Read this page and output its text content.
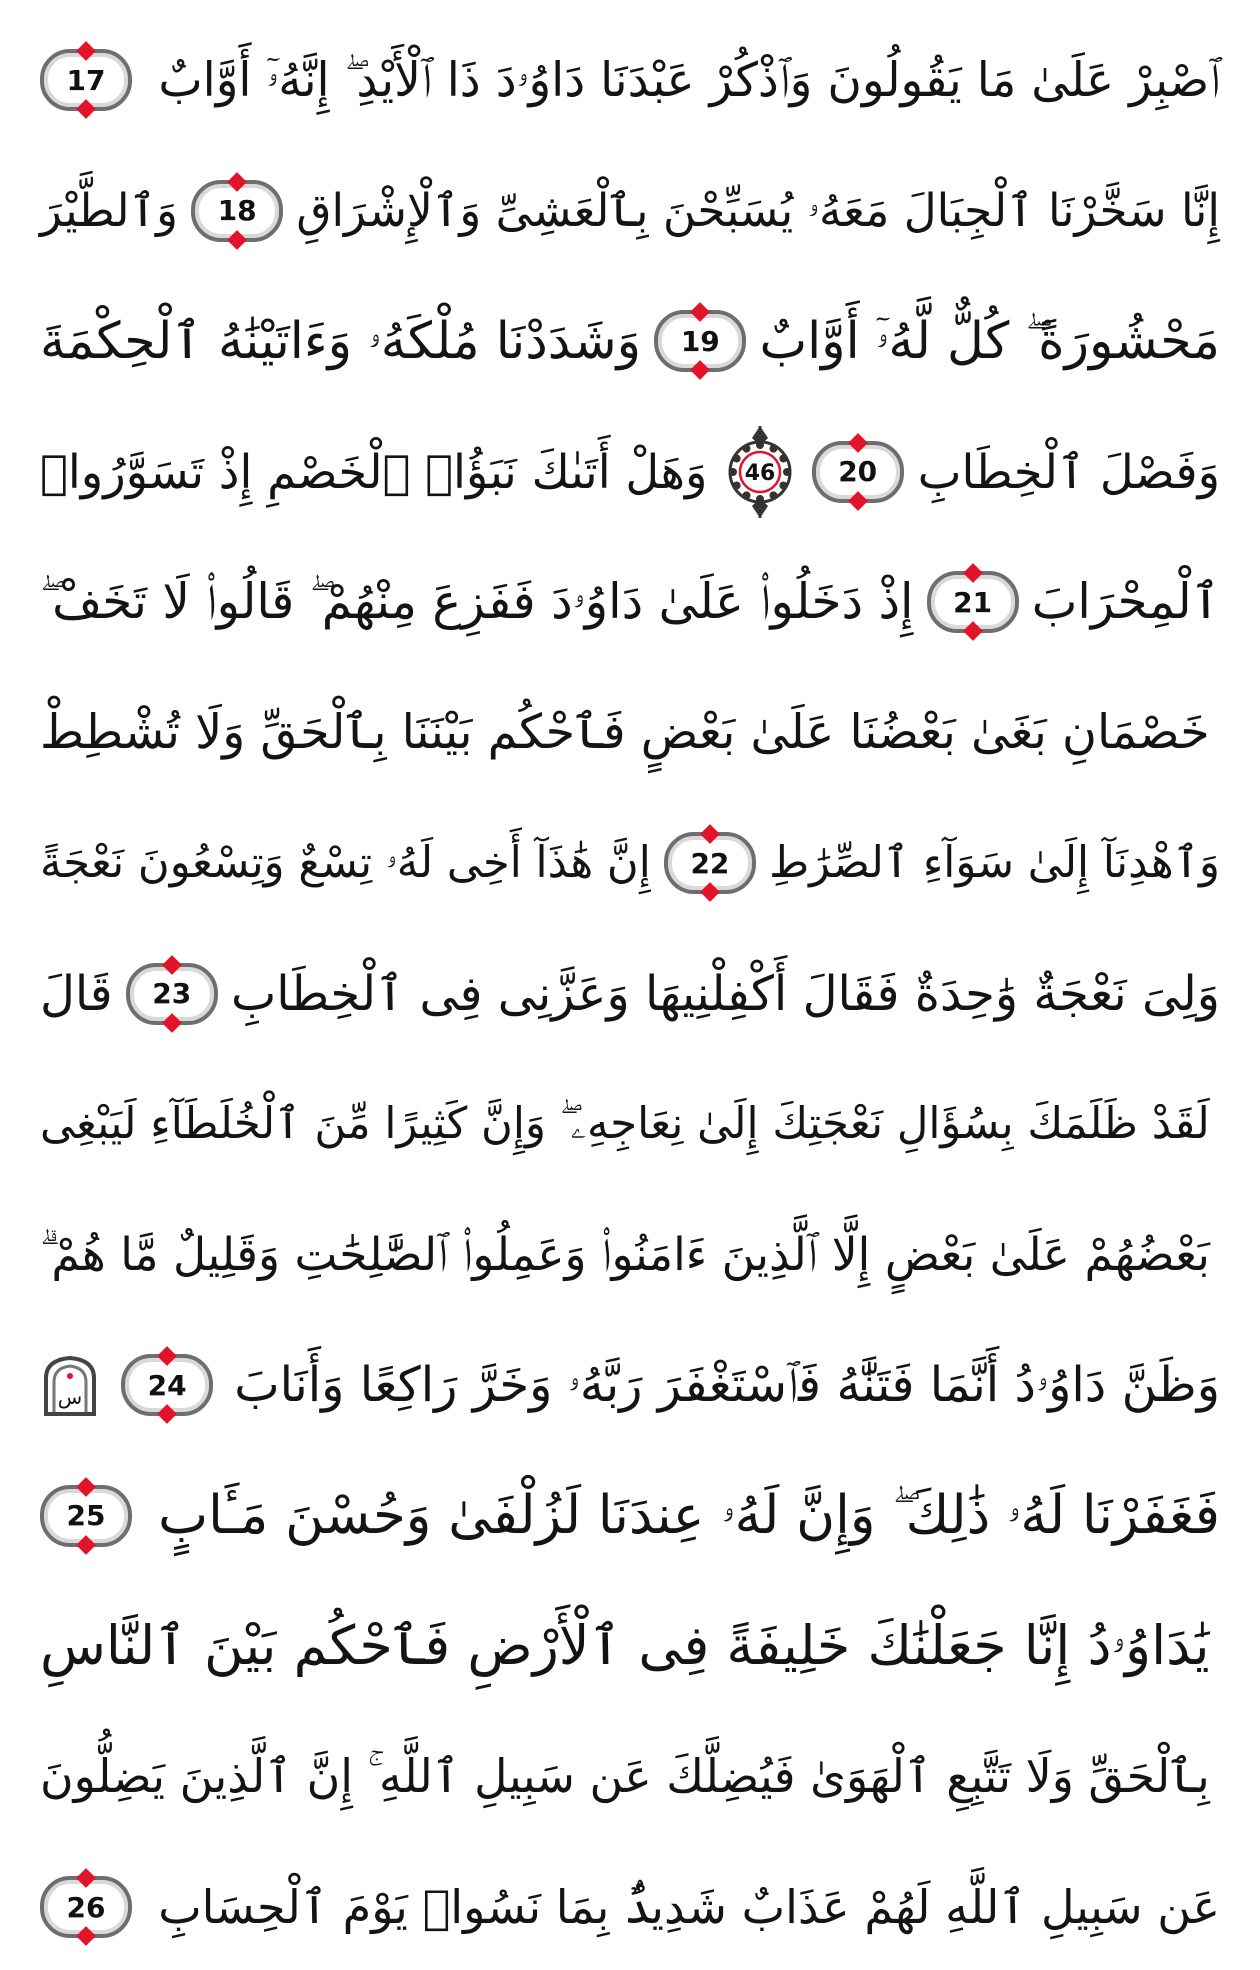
17 ٱصْبِرْ عَلَىٰ مَا يَقُولُونَ وَٱذْكُرْ عَبْدَنَا دَاوُۥدَ ذَا ٱلْأَيْدِ ۖ إِنَّهُۥٓ أَوَّابٌ
وَٱلطَّيْرَ 18 إِنَّا سَخَّرْنَا ٱلْجِبَالَ مَعَهُۥ يُسَبِّحْنَ بِٱلْعَشِىِّ وَٱلْإِشْرَاقِ
وَشَدَدْنَا مُلْكَهُۥ وَءَاتَيْنَٰهُ ٱلْحِكْمَةَ 19 مَحْشُورَةً ۖ كُلٌّ لَّهُۥٓ أَوَّابٌ
وَهَلْ أَتَىٰكَ نَبَؤُا۟ ٱلْخَصْمِ إِذْ تَسَوَّرُوا۟ 46 20 وَفَصْلَ ٱلْخِطَابِ
إِذْ دَخَلُوا۟ عَلَىٰ دَاوُۥدَ فَفَزِعَ مِنْهُمْ ۖ قَالُوا۟ لَا تَخَفْ ۖ 21 ٱلْمِحْرَابَ
خَصْمَانِ بَغَىٰ بَعْضُنَا عَلَىٰ بَعْضٍ فَٱحْكُم بَيْنَنَا بِٱلْحَقِّ وَلَا تُشْطِطْ
إِنَّ هَٰذَآ أَخِى لَهُۥ تِسْعٌ وَتِسْعُونَ نَعْجَةً 22 وَٱهْدِنَآ إِلَىٰ سَوَآءِ ٱلصِّرَٰطِ
قَالَ 23 وَلِىَ نَعْجَةٌ وَٰحِدَةٌ فَقَالَ أَكْفِلْنِيهَا وَعَزَّنِى فِى ٱلْخِطَابِ
لَقَدْ ظَلَمَكَ بِسُؤَالِ نَعْجَتِكَ إِلَىٰ نِعَاجِهِۦ ۖ وَإِنَّ كَثِيرًا مِّنَ ٱلْخُلَطَآءِ لَيَبْغِى
بَعْضُهُمْ عَلَىٰ بَعْضٍ إِلَّا ٱلَّذِينَ ءَامَنُوا۟ وَعَمِلُوا۟ ٱلصَّٰلِحَٰتِ وَقَلِيلٌ مَّا هُمْ ۗ
س 24 وَظَنَّ دَاوُۥدُ أَنَّمَا فَتَنَّٰهُ فَٱسْتَغْفَرَ رَبَّهُۥ وَخَرَّ رَاكِعًا وَأَنَابَ
25 فَغَفَرْنَا لَهُۥ ذَٰلِكَ ۖ وَإِنَّ لَهُۥ عِندَنَا لَزُلْفَىٰ وَحُسْنَ مَـَٔابٍ
يَٰدَاوُۥدُ إِنَّا جَعَلْنَٰكَ خَلِيفَةً فِى ٱلْأَرْضِ فَٱحْكُم بَيْنَ ٱلنَّاسِ
بِٱلْحَقِّ وَلَا تَتَّبِعِ ٱلْهَوَىٰ فَيُضِلَّكَ عَن سَبِيلِ ٱللَّهِ ۚ إِنَّ ٱلَّذِينَ يَضِلُّونَ
26 عَن سَبِيلِ ٱللَّهِ لَهُمْ عَذَابٌ شَدِيدٌۢ بِمَا نَسُوا۟ يَوْمَ ٱلْحِسَابِ
